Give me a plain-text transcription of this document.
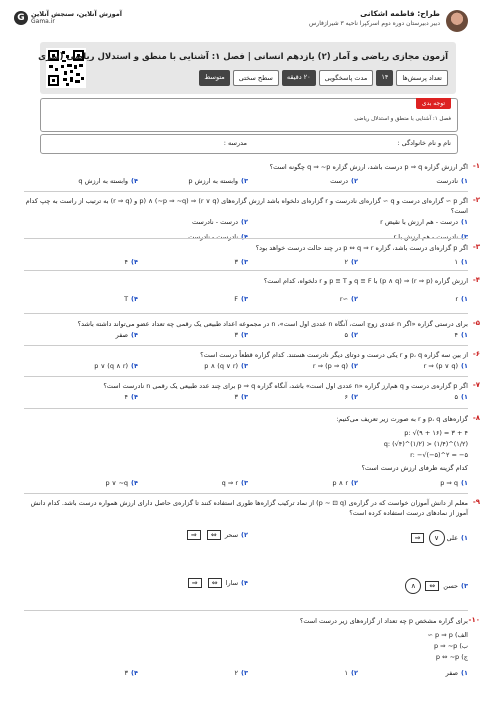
طراح: فاطمه اشکانی
دبیر دبیرستان دوره دوم اسرکپرا ناحیه ۳ شیرازفارس
G آموزش آنلاین، سنجش آنلاین
Gama.ir
آزمون مجازی ریاضی و آمار (۲) یازدهم انسانی | فصل ۱: آشنایی با منطق و استدلال ریاضی (سری
تعداد پرسش‌ها
۱۴
مدت پاسخگویی
۲۰ دقیقه
سطح سختی
متوسط
توجه بدی
فصل ۱: آشنایی با منطق و استدلال ریاضی
نام و نام خانوادگی :
مدرسه :
۱-
اگر ارزش گزاره p ⇒ q درست باشد، ارزش گزاره q ⇒ ~p چگونه است؟
۱)نادرست
۲)درست
۳)وابسته به ارزش p
۴)وابسته به ارزش q
۲-
اگر p ∼ گزاره‌ای درست و q ∼ گزاره‌ای نادرست و r گزاره‌ای دلخواه باشد ارزش گزاره‌های (r ∨ q) ⇒ p) ∧ (∼p ⇒ ∼q) و (r ⇒ q) به ترتیب از راست به چپ کدام است؟
۱)درست - هم ارزش با نقیض r
۲)درست - نادرست
۳)نادرست - هم ارزش با r
۴)نادرست - نادرست
۳-
اگر p گزاره‌ای درست باشد، گزاره p ⇔ q ⇒ r در چند حالت درست خواهد بود؟
۱)۱
۲)۲
۳)۳
۴)۴
۴-
ارزش گزاره (r ⇒ p) ⇒ (p ∧ q) با q ≡ F و p ≡ T و r دلخواه، کدام است؟
۱)r
۲)∼r
۳)F
۴)T
۵-
برای درستی گزاره «اگر n عددی زوج است، آنگاه n عددی اول است»، n در مجموعه اعداد طبیعی یک رقمی چه تعداد عضو می‌تواند داشته باشد؟
۱)۴
۲)۵
۳)۳
۴)صفر
۶-
از بین سه گزاره p، q و r یکی درست و دوتای دیگر نادرست هستند. کدام گزاره قطعاً درست است؟
۱)r ⇒ (p ∨ q)
۲)(p ⇒ q) ⇒ r
۳)p ∧ (q ∨ r)
۴)p ∨ (q ∧ r)
۷-
اگر p گزاره‌ی درست و q هم‌ارز گزاره «n عددی اول است» باشد، آنگاه گزاره p ⇒ q برای چند عدد طبیعی یک رقمی n نادرست است؟
۱)۵
۲)۶
۳)۳
۴)۴
۸-
گزاره‌های p، q و r به صورت زیر تعریف می‌کنیم:
p: √(۹ + ۱۶) = ۳ + ۴
q: (√۴)^(۱/۲) > (۱/۴)^(۱/۲)
r: −√(−۵)^۲ = −۵
کدام گزینه ظرفای ارزش درست است؟
۱)p ⇒ q
۲)p ∧ r
۳)q ⇒ r
۴)p ∨ ∼q
۹-
معلم از دانش آموزان خواست که در گزاره‌ی (p ∼ ⊡ q) از نماد ترکیب گزاره‌ها طوری استفاده کنند تا گزاره‌ی حاصل دارای ارزش همواره درست باشد. کدام دانش آموز از نمادهای درست استفاده کرده است؟
۱)علی ∨ ⇒
۲)سحر ⇔ ⇒
۳)حسن ⇔ ∧
۴)سارا ⇔ ⇒
۱۰-
برای گزاره مشخص p چه تعداد از گزاره‌های زیر درست است؟
الف) p ⇒ p ∼
ب) p ⇒ ∼p
ج) p ⇔ ∼p
۱)صفر
۲)۱
۳)۲
۴)۳
